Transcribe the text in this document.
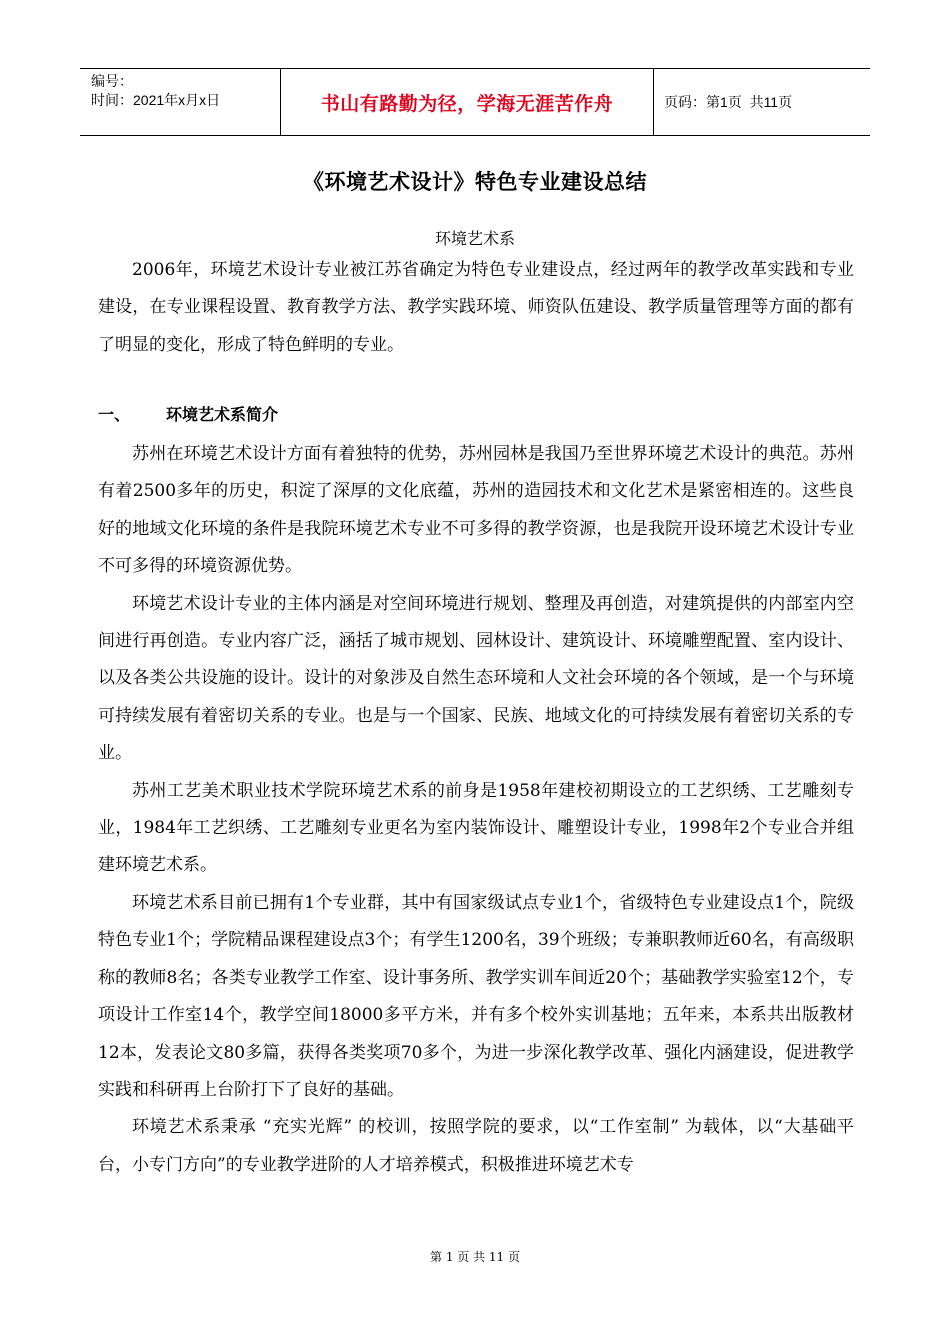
编号：
时间：2021年x月x日	书山有路勤为径，学海无涯苦作舟	页码：第1页  共11页
《环境艺术设计》特色专业建设总结
环境艺术系

2006年，环境艺术设计专业被江苏省确定为特色专业建设点，经过两年的教学改革实践和专业建设，在专业课程设置、教育教学方法、教学实践环境、师资队伍建设、教学质量管理等方面的都有了明显的变化，形成了特色鲜明的专业。

一、	环境艺术系简介

苏州在环境艺术设计方面有着独特的优势，苏州园林是我国乃至世界环境艺术设计的典范。苏州有着2500多年的历史，积淀了深厚的文化底蕴，苏州的造园技术和文化艺术是紧密相连的。这些良好的地域文化环境的条件是我院环境艺术专业不可多得的教学资源，也是我院开设环境艺术设计专业不可多得的环境资源优势。

环境艺术设计专业的主体内涵是对空间环境进行规划、整理及再创造，对建筑提供的内部室内空间进行再创造。专业内容广泛，涵括了城市规划、园林设计、建筑设计、环境雕塑配置、室内设计、以及各类公共设施的设计。设计的对象涉及自然生态环境和人文社会环境的各个领域，是一个与环境可持续发展有着密切关系的专业。也是与一个国家、民族、地域文化的可持续发展有着密切关系的专业。

苏州工艺美术职业技术学院环境艺术系的前身是1958年建校初期设立的工艺织绣、工艺雕刻专业，1984年工艺织绣、工艺雕刻专业更名为室内装饰设计、雕塑设计专业，1998年2个专业合并组建环境艺术系。

环境艺术系目前已拥有1个专业群，其中有国家级试点专业1个，省级特色专业建设点1个，院级特色专业1个；学院精品课程建设点3个；有学生1200名，39个班级；专兼职教师近60名，有高级职称的教师8名；各类专业教学工作室、设计事务所、教学实训车间近20个；基础教学实验室12个，专项设计工作室14个，教学空间18000多平方米，并有多个校外实训基地；五年来，本系共出版教材12本，发表论文80多篇，获得各类奖项70多个，为进一步深化教学改革、强化内涵建设，促进教学实践和科研再上台阶打下了良好的基础。

环境艺术系秉承 “充实光辉” 的校训，按照学院的要求，以“工作室制” 为载体，以“大基础平台，小专门方向”的专业教学进阶的人才培养模式，积极推进环境艺术专

第 1 页 共 11 页
